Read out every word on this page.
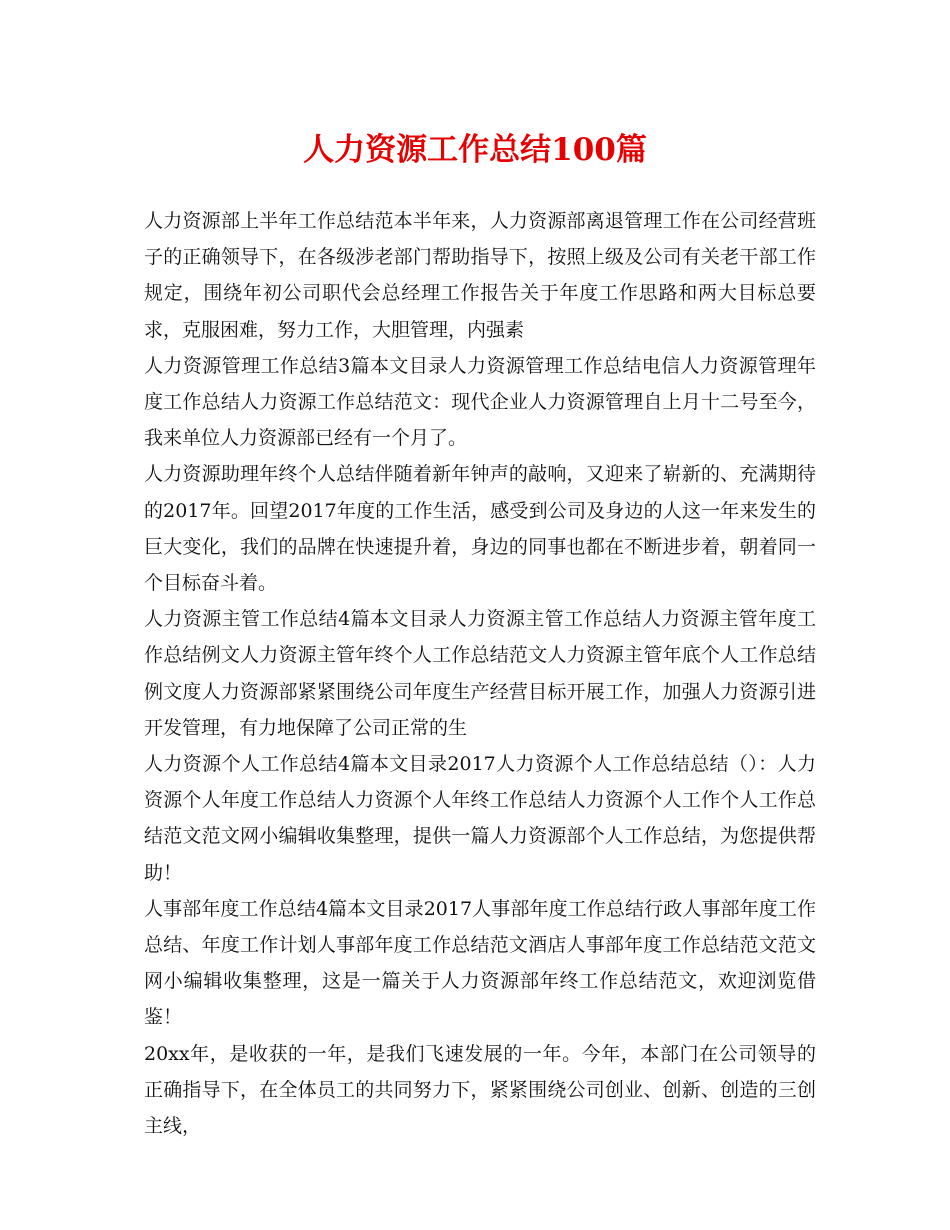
人力资源工作总结100篇

人力资源部上半年工作总结范本半年来，人力资源部离退管理工作在公司经营班子的正确领导下，在各级涉老部门帮助指导下，按照上级及公司有关老干部工作规定，围绕年初公司职代会总经理工作报告关于年度工作思路和两大目标总要求，克服困难，努力工作，大胆管理，内强素

人力资源管理工作总结3篇本文目录人力资源管理工作总结电信人力资源管理年度工作总结人力资源工作总结范文：现代企业人力资源管理自上月十二号至今，我来单位人力资源部已经有一个月了。

人力资源助理年终个人总结伴随着新年钟声的敲响，又迎来了崭新的、充满期待的2017年。回望2017年度的工作生活，感受到公司及身边的人这一年来发生的巨大变化，我们的品牌在快速提升着，身边的同事也都在不断进步着，朝着同一个目标奋斗着。

人力资源主管工作总结4篇本文目录人力资源主管工作总结人力资源主管年度工作总结例文人力资源主管年终个人工作总结范文人力资源主管年底个人工作总结例文度人力资源部紧紧围绕公司年度生产经营目标开展工作，加强人力资源引进开发管理，有力地保障了公司正常的生

人力资源个人工作总结4篇本文目录2017人力资源个人工作总结总结（）：人力资源个人年度工作总结人力资源个人年终工作总结人力资源个人工作个人工作总结范文范文网小编辑收集整理，提供一篇人力资源部个人工作总结，为您提供帮助！

人事部年度工作总结4篇本文目录2017人事部年度工作总结行政人事部年度工作总结、年度工作计划人事部年度工作总结范文酒店人事部年度工作总结范文范文网小编辑收集整理，这是一篇关于人力资源部年终工作总结范文，欢迎浏览借鉴！

20xx年，是收获的一年，是我们飞速发展的一年。今年，本部门在公司领导的正确指导下，在全体员工的共同努力下，紧紧围绕公司创业、创新、创造的三创主线，
